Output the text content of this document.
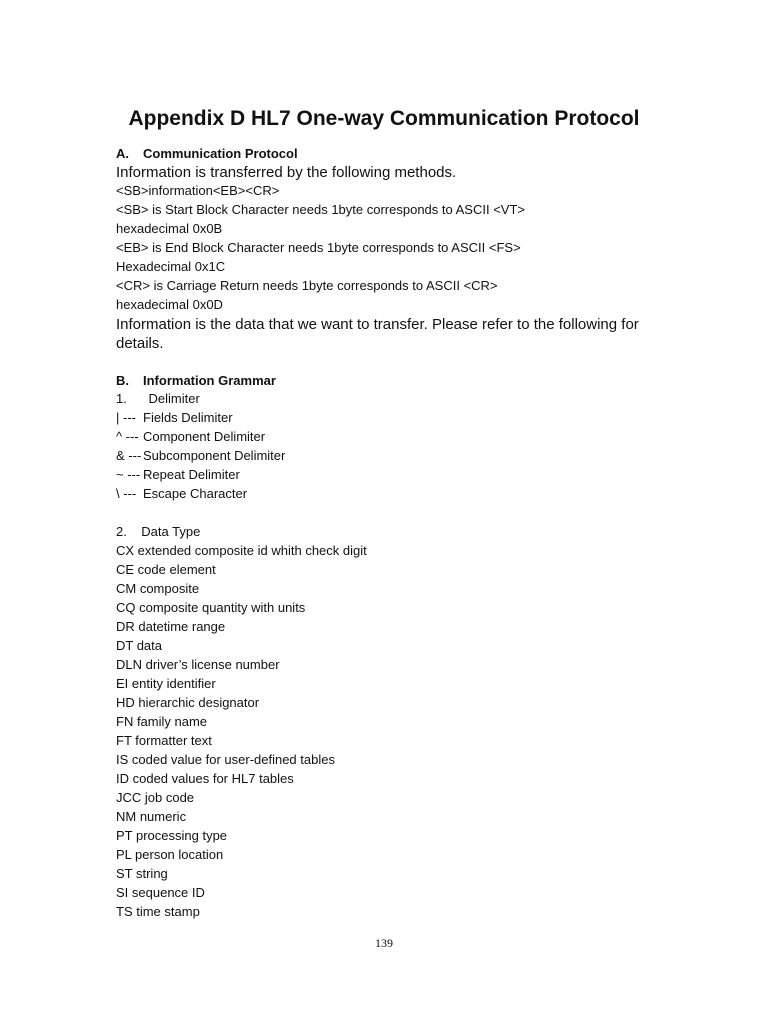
Appendix D HL7 One-way Communication Protocol
A. Communication Protocol
Information is transferred by the following methods.
<SB>information<EB><CR>
<SB> is Start Block Character needs 1byte corresponds to ASCII <VT>
hexadecimal 0x0B
<EB> is End Block Character needs 1byte corresponds to ASCII <FS>
Hexadecimal 0x1C
<CR> is Carriage Return needs 1byte corresponds to ASCII <CR>
hexadecimal 0x0D
Information is the data that we want to transfer. Please refer to the following for
details.
B. Information Grammar
1.      Delimiter
| --- Fields Delimiter
^ --- Component Delimiter
& --- Subcomponent Delimiter
~ --- Repeat Delimiter
\ --- Escape Character
2.    Data Type
CX extended composite id whith check digit
CE code element
CM composite
CQ composite quantity with units
DR datetime range
DT data
DLN driver’s license number
EI entity identifier
HD hierarchic designator
FN family name
FT formatter text
IS coded value for user-defined tables
ID coded values for HL7 tables
JCC job code
NM numeric
PT processing type
PL person location
ST string
SI sequence ID
TS time stamp
139
